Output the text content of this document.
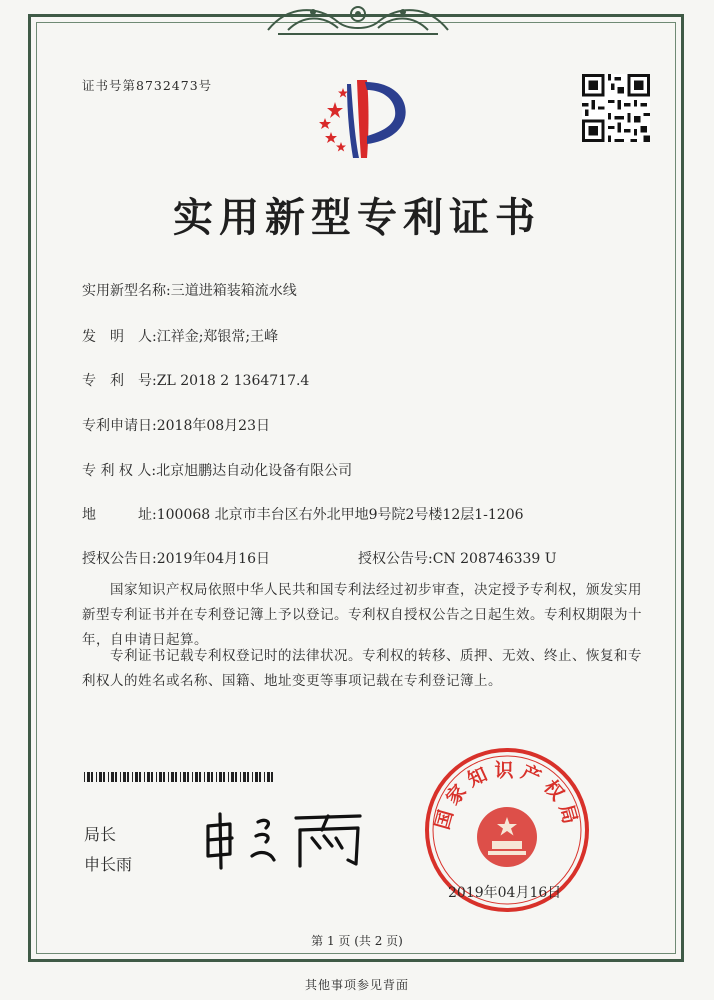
证书号第8732473号
实用新型专利证书
实用新型名称:三道进箱装箱流水线
发　明　人:江祥金;郑银常;王峰
专　利　号:ZL 2018 2 1364717.4
专利申请日:2018年08月23日
专 利 权 人:北京旭鹏达自动化设备有限公司
地　　　址:100068 北京市丰台区右外北甲地9号院2号楼12层1-1206
授权公告日:2019年04月16日	授权公告号:CN 208746339 U
国家知识产权局依照中华人民共和国专利法经过初步审查，决定授予专利权，颁发实用新型专利证书并在专利登记簿上予以登记。专利权自授权公告之日起生效。专利权期限为十年，自申请日起算。
专利证书记载专利权登记时的法律状况。专利权的转移、质押、无效、终止、恢复和专利权人的姓名或名称、国籍、地址变更等事项记载在专利登记簿上。
局长
申长雨
国家知识产权局
2019年04月16日
第 1 页 (共 2 页)
其他事项参见背面
